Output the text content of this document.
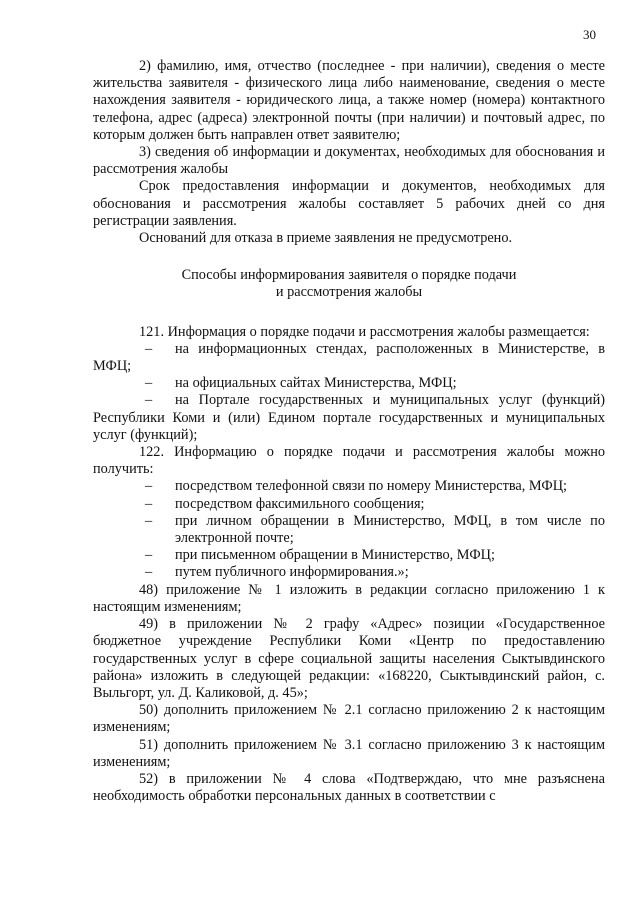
30

2) фамилию, имя, отчество (последнее - при наличии), сведения о месте жительства заявителя - физического лица либо наименование, сведения о месте нахождения заявителя - юридического лица, а также номер (номера) контактного телефона, адрес (адреса) электронной почты (при наличии) и почтовый адрес, по которым должен быть направлен ответ заявителю;

3) сведения об информации и документах, необходимых для обоснования и рассмотрения жалобы

Срок предоставления информации и документов, необходимых для обоснования и рассмотрения жалобы составляет 5 рабочих дней со дня регистрации заявления.

Оснований для отказа в приеме заявления не предусмотрено.

Способы информирования заявителя о порядке подачи
и рассмотрения жалобы

121. Информация о порядке подачи и рассмотрения жалобы размещается:

– на информационных стендах, расположенных в Министерстве, в МФЦ;
– на официальных сайтах Министерства, МФЦ;
– на Портале государственных и муниципальных услуг (функций) Республики Коми и (или) Едином портале государственных и муниципальных услуг (функций);

122. Информацию о порядке подачи и рассмотрения жалобы можно получить:

– посредством телефонной связи по номеру Министерства, МФЦ;
– посредством факсимильного сообщения;
– при личном обращении в Министерство, МФЦ, в том числе по электронной почте;
– при письменном обращении в Министерство, МФЦ;
– путем публичного информирования.»;

48) приложение № 1 изложить в редакции согласно приложению 1 к настоящим изменениям;

49) в приложении № 2 графу «Адрес» позиции «Государственное бюджетное учреждение Республики Коми «Центр по предоставлению государственных услуг в сфере социальной защиты населения Сыктывдинского района» изложить в следующей редакции: «168220, Сыктывдинский район, с. Выльгорт, ул. Д. Каликовой, д. 45»;

50) дополнить приложением № 2.1 согласно приложению 2 к настоящим изменениям;

51) дополнить приложением № 3.1 согласно приложению 3 к настоящим изменениям;

52) в приложении № 4 слова «Подтверждаю, что мне разъяснена необходимость обработки персональных данных в соответствии с
